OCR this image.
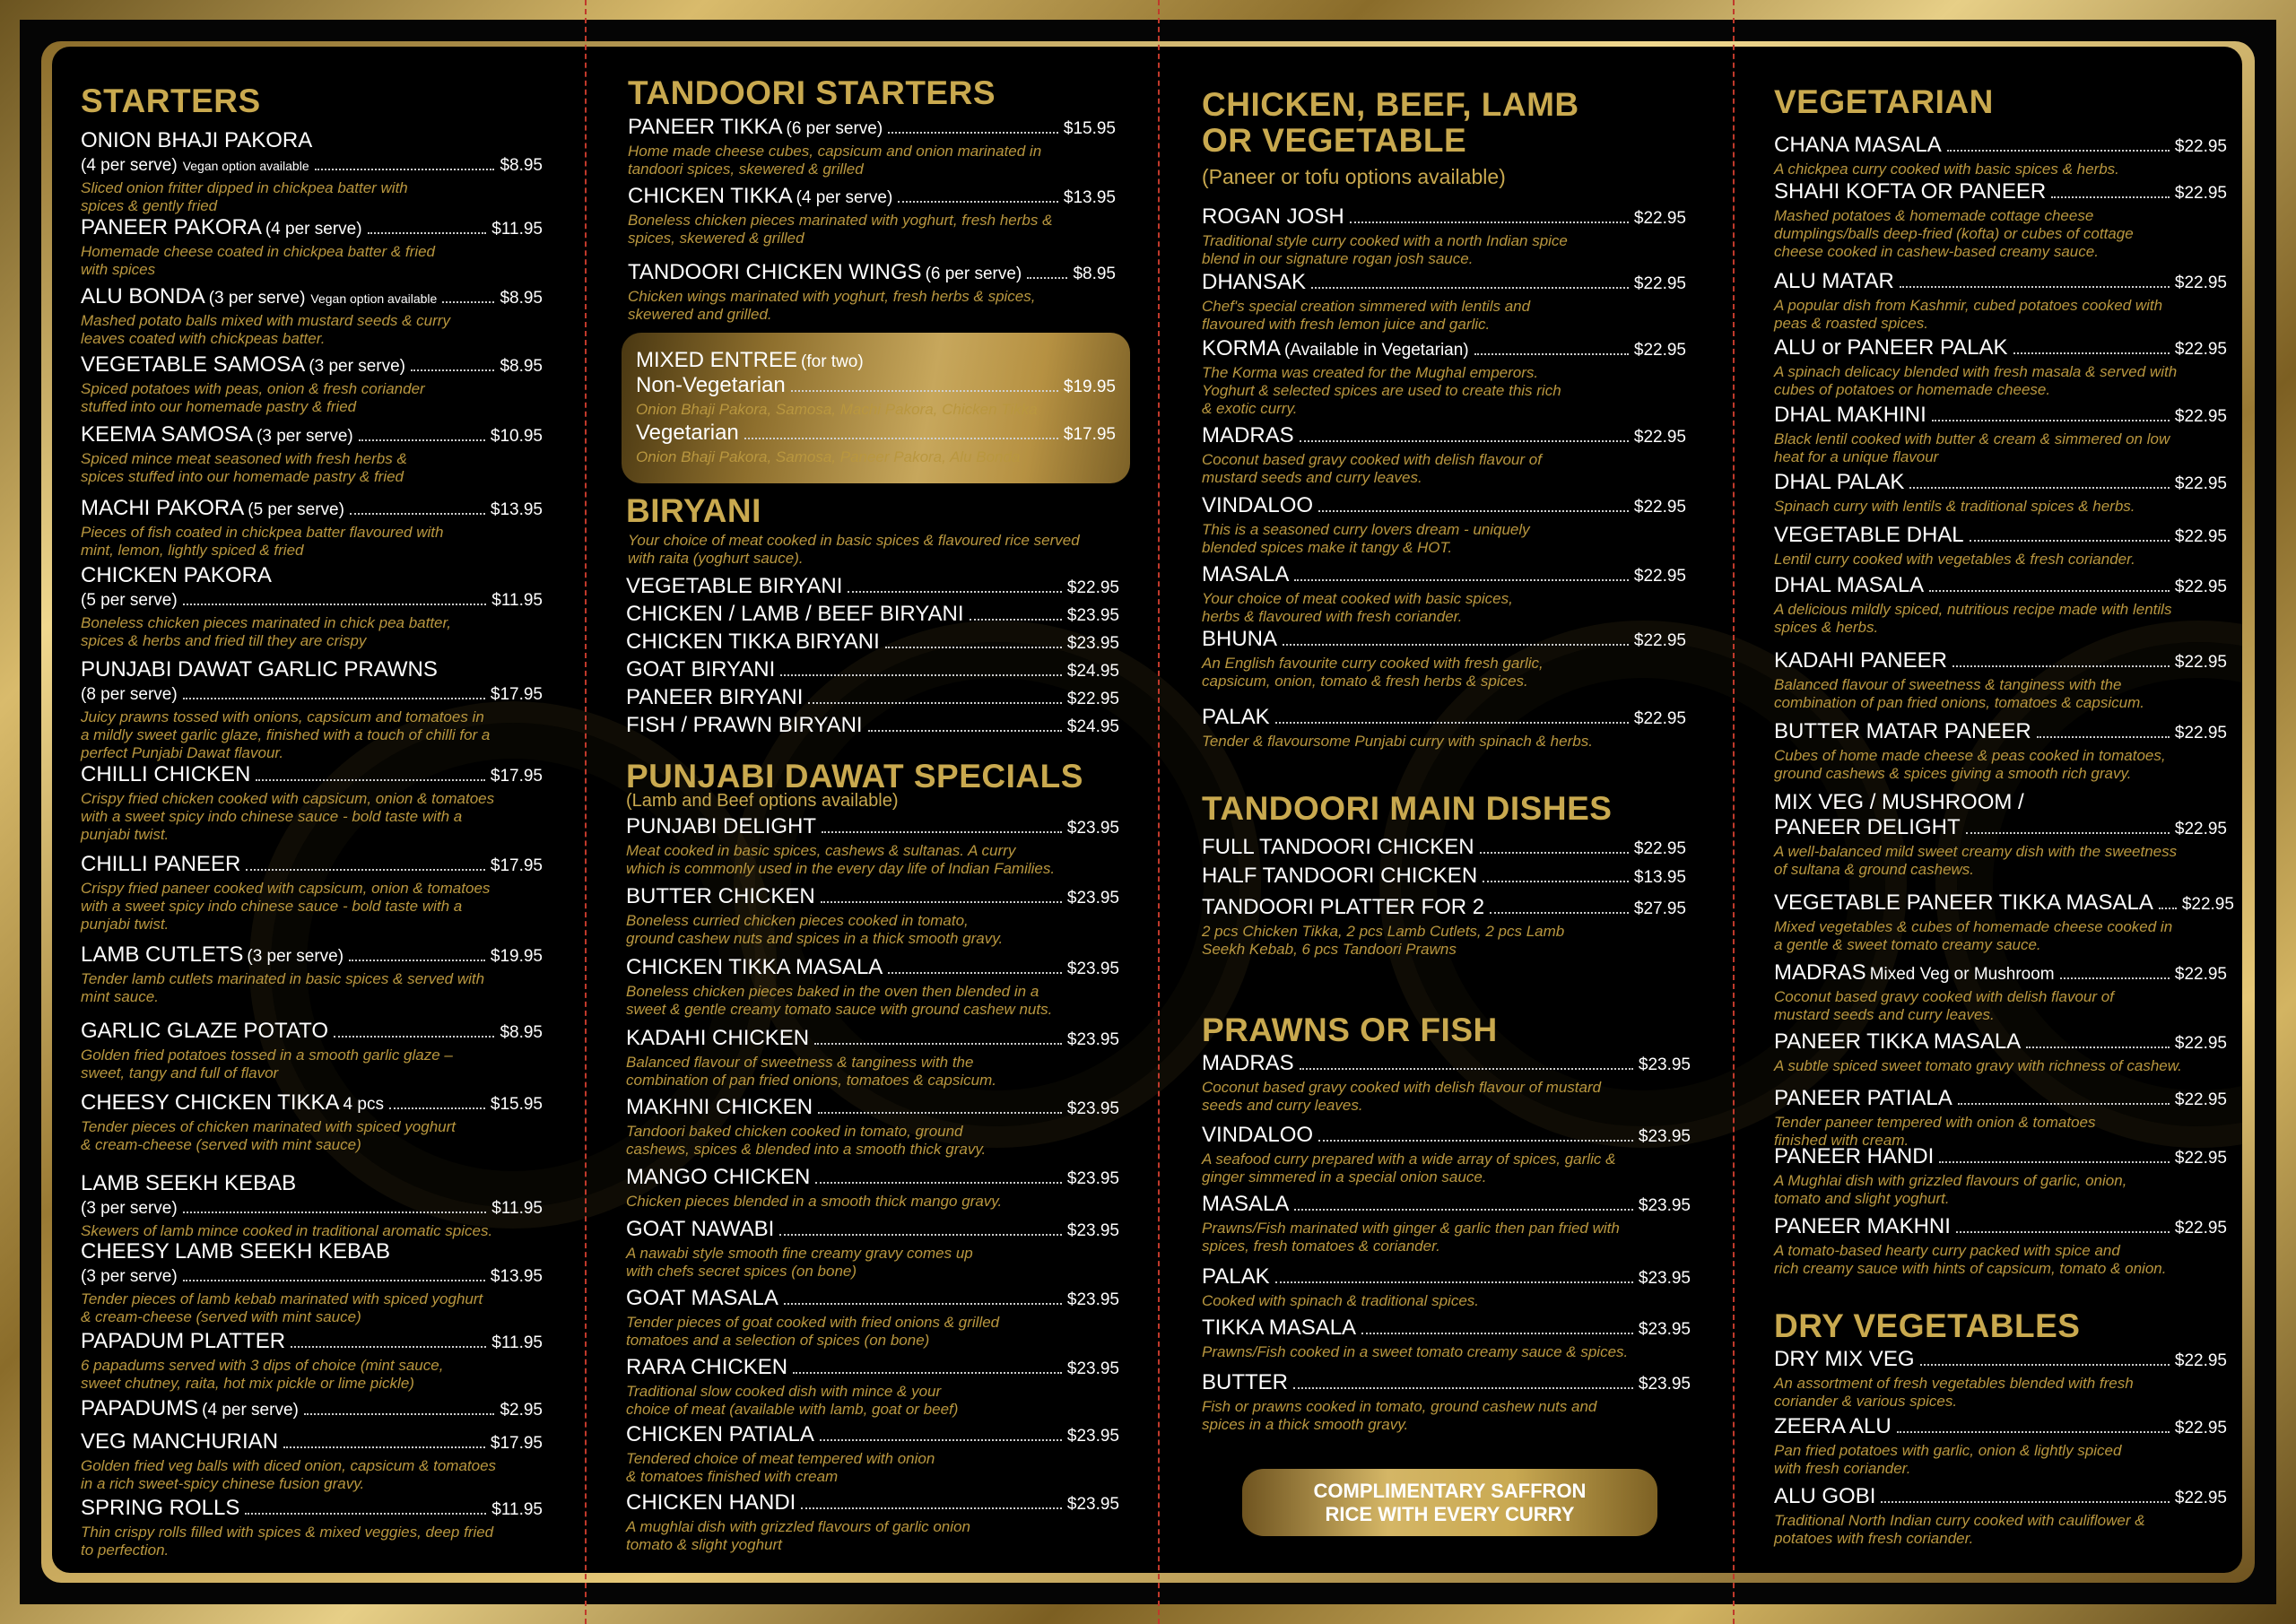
STARTERS
ONION BHAJI PAKORA
(4 per serve) Vegan option available	$8.95
Sliced onion fritter dipped in chickpea batter with
spices & gently fried
PANEER PAKORA (4 per serve)	$11.95
Homemade cheese coated in chickpea batter & fried
with spices
ALU BONDA (3 per serve) Vegan option available	$8.95
Mashed potato balls mixed with mustard seeds & curry
leaves coated with chickpeas batter.
VEGETABLE SAMOSA (3 per serve)	$8.95
Spiced potatoes with peas, onion & fresh coriander
stuffed into our homemade pastry & fried
KEEMA SAMOSA (3 per serve)	$10.95
Spiced mince meat seasoned with fresh herbs &
spices stuffed into our homemade pastry & fried
MACHI PAKORA (5 per serve)	$13.95
Pieces of fish coated in chickpea batter flavoured with
mint, lemon, lightly spiced & fried
CHICKEN PAKORA
(5 per serve)	$11.95
Boneless chicken pieces marinated in chick pea batter,
spices & herbs and fried till they are crispy
PUNJABI DAWAT GARLIC PRAWNS
(8 per serve)	$17.95
Juicy prawns tossed with onions, capsicum and tomatoes in
a mildly sweet garlic glaze, finished with a touch of chilli for a
perfect Punjabi Dawat flavour.
CHILLI CHICKEN	$17.95
Crispy fried chicken cooked with capsicum, onion & tomatoes
with a sweet spicy indo chinese sauce - bold taste with a
punjabi twist.
CHILLI PANEER	$17.95
Crispy fried paneer cooked with capsicum, onion & tomatoes
with a sweet spicy indo chinese sauce - bold taste with a
punjabi twist.
LAMB CUTLETS (3 per serve)	$19.95
Tender lamb cutlets marinated in basic spices & served with
mint sauce.
GARLIC GLAZE POTATO	$8.95
Golden fried potatoes tossed in a smooth garlic glaze –
sweet, tangy and full of flavor
CHEESY CHICKEN TIKKA 4 pcs	$15.95
Tender pieces of chicken marinated with spiced yoghurt
& cream-cheese (served with mint sauce)
LAMB SEEKH KEBAB
(3 per serve)	$11.95
Skewers of lamb mince cooked in traditional aromatic spices.
CHEESY LAMB SEEKH KEBAB
(3 per serve)	$13.95
Tender pieces of lamb kebab marinated with spiced yoghurt
& cream-cheese (served with mint sauce)
PAPADUM PLATTER	$11.95
6 papadums served with 3 dips of choice (mint sauce,
sweet chutney, raita, hot mix pickle or lime pickle)
PAPADUMS (4 per serve)	$2.95
VEG MANCHURIAN	$17.95
Golden fried veg balls with diced onion, capsicum & tomatoes
in a rich sweet-spicy chinese fusion gravy.
SPRING ROLLS	$11.95
Thin crispy rolls filled with spices & mixed veggies, deep fried
to perfection.
TANDOORI STARTERS
PANEER TIKKA (6 per serve)	$15.95
Home made cheese cubes, capsicum and onion marinated in
tandoori spices, skewered & grilled
CHICKEN TIKKA (4 per serve)	$13.95
Boneless chicken pieces marinated with yoghurt, fresh herbs &
spices, skewered & grilled
TANDOORI CHICKEN WINGS (6 per serve)	$8.95
Chicken wings marinated with yoghurt, fresh herbs & spices,
skewered and grilled.
MIXED ENTREE (for two)
Non-Vegetarian	$19.95
Onion Bhaji Pakora, Samosa, Machi Pakora, Chicken Tikka
Vegetarian	$17.95
Onion Bhaji Pakora, Samosa, Paneer Pakora, Alu Bonda
BIRYANI
Your choice of meat cooked in basic spices & flavoured rice served
with raita (yoghurt sauce).
VEGETABLE BIRYANI	$22.95
CHICKEN / LAMB / BEEF BIRYANI	$23.95
CHICKEN TIKKA BIRYANI	$23.95
GOAT BIRYANI	$24.95
PANEER BIRYANI	$22.95
FISH / PRAWN BIRYANI	$24.95
PUNJABI DAWAT SPECIALS
(Lamb and Beef options available)
PUNJABI DELIGHT	$23.95
Meat cooked in basic spices, cashews & sultanas. A curry
which is commonly used in the every day life of Indian Families.
BUTTER CHICKEN	$23.95
Boneless curried chicken pieces cooked in tomato,
ground cashew nuts and spices in a thick smooth gravy.
CHICKEN TIKKA MASALA	$23.95
Boneless chicken pieces baked in the oven then blended in a
sweet & gentle creamy tomato sauce with ground cashew nuts.
KADAHI CHICKEN	$23.95
Balanced flavour of sweetness & tanginess with the
combination of pan fried onions, tomatoes & capsicum.
MAKHNI CHICKEN	$23.95
Tandoori baked chicken cooked in tomato, ground
cashews, spices & blended into a smooth thick gravy.
MANGO CHICKEN	$23.95
Chicken pieces blended in a smooth thick mango gravy.
GOAT NAWABI	$23.95
A nawabi style smooth fine creamy gravy comes up
with chefs secret spices (on bone)
GOAT MASALA	$23.95
Tender pieces of goat cooked with fried onions & grilled
tomatoes and a selection of spices (on bone)
RARA CHICKEN	$23.95
Traditional slow cooked dish with mince & your
choice of meat (available with lamb, goat or beef)
CHICKEN PATIALA	$23.95
Tendered choice of meat tempered with onion
& tomatoes finished with cream
CHICKEN HANDI	$23.95
A mughlai dish with grizzled flavours of garlic onion
tomato & slight yoghurt
CHICKEN, BEEF, LAMB
OR VEGETABLE
(Paneer or tofu options available)
ROGAN JOSH	$22.95
Traditional style curry cooked with a north Indian spice
blend in our signature rogan josh sauce.
DHANSAK	$22.95
Chef's special creation simmered with lentils and
flavoured with fresh lemon juice and garlic.
KORMA (Available in Vegetarian)	$22.95
The Korma was created for the Mughal emperors.
Yoghurt & selected spices are used to create this rich
& exotic curry.
MADRAS	$22.95
Coconut based gravy cooked with delish flavour of
mustard seeds and curry leaves.
VINDALOO	$22.95
This is a seasoned curry lovers dream - uniquely
blended spices make it tangy & HOT.
MASALA	$22.95
Your choice of meat cooked with basic spices,
herbs & flavoured with fresh coriander.
BHUNA	$22.95
An English favourite curry cooked with fresh garlic,
capsicum, onion, tomato & fresh herbs & spices.
PALAK	$22.95
Tender & flavoursome Punjabi curry with spinach & herbs.
TANDOORI MAIN DISHES
FULL TANDOORI CHICKEN	$22.95
HALF TANDOORI CHICKEN	$13.95
TANDOORI PLATTER FOR 2	$27.95
2 pcs Chicken Tikka, 2 pcs Lamb Cutlets, 2 pcs Lamb
Seekh Kebab, 6 pcs Tandoori Prawns
PRAWNS OR FISH
MADRAS	$23.95
Coconut based gravy cooked with delish flavour of mustard
seeds and curry leaves.
VINDALOO	$23.95
A seafood curry prepared with a wide array of spices, garlic &
ginger simmered in a special onion sauce.
MASALA	$23.95
Prawns/Fish marinated with ginger & garlic then pan fried with
spices, fresh tomatoes & coriander.
PALAK	$23.95
Cooked with spinach & traditional spices.
TIKKA MASALA	$23.95
Prawns/Fish cooked in a sweet tomato creamy sauce & spices.
BUTTER	$23.95
Fish or prawns cooked in tomato, ground cashew nuts and
spices in a thick smooth gravy.
VEGETARIAN
CHANA MASALA	$22.95
A chickpea curry cooked with basic spices & herbs.
SHAHI KOFTA OR PANEER	$22.95
Mashed potatoes & homemade cottage cheese
dumplings/balls deep-fried (kofta) or cubes of cottage
cheese cooked in cashew-based creamy sauce.
ALU MATAR	$22.95
A popular dish from Kashmir, cubed potatoes cooked with
peas & roasted spices.
ALU or PANEER PALAK	$22.95
A spinach delicacy blended with fresh masala & served with
cubes of potatoes or homemade cheese.
DHAL MAKHINI	$22.95
Black lentil cooked with butter & cream & simmered on low
heat for a unique flavour
DHAL PALAK	$22.95
Spinach curry with lentils & traditional spices & herbs.
VEGETABLE DHAL	$22.95
Lentil curry cooked with vegetables & fresh coriander.
DHAL MASALA	$22.95
A delicious mildly spiced, nutritious recipe made with lentils
spices & herbs.
KADAHI PANEER	$22.95
Balanced flavour of sweetness & tanginess with the
combination of pan fried onions, tomatoes & capsicum.
BUTTER MATAR PANEER	$22.95
Cubes of home made cheese & peas cooked in tomatoes,
ground cashews & spices giving a smooth rich gravy.
MIX VEG / MUSHROOM /
PANEER DELIGHT	$22.95
A well-balanced mild sweet creamy dish with the sweetness
of sultana & ground cashews.
VEGETABLE PANEER TIKKA MASALA $22.95
Mixed vegetables & cubes of homemade cheese cooked in
a gentle & sweet tomato creamy sauce.
MADRAS Mixed Veg or Mushroom	$22.95
Coconut based gravy cooked with delish flavour of
mustard seeds and curry leaves.
PANEER TIKKA MASALA	$22.95
A subtle spiced sweet tomato gravy with richness of cashew.
PANEER PATIALA	$22.95
Tender paneer tempered with onion & tomatoes
finished with cream.
PANEER HANDI	$22.95
A Mughlai dish with grizzled flavours of garlic, onion,
tomato and slight yoghurt.
PANEER MAKHNI	$22.95
A tomato-based hearty curry packed with spice and
rich creamy sauce with hints of capsicum, tomato & onion.
DRY VEGETABLES
DRY MIX VEG	$22.95
An assortment of fresh vegetables blended with fresh
coriander & various spices.
ZEERA ALU	$22.95
Pan fried potatoes with garlic, onion & lightly spiced
with fresh coriander.
ALU GOBI	$22.95
Traditional North Indian curry cooked with cauliflower &
potatoes with fresh coriander.
COMPLIMENTARY SAFFRON
RICE WITH EVERY CURRY
